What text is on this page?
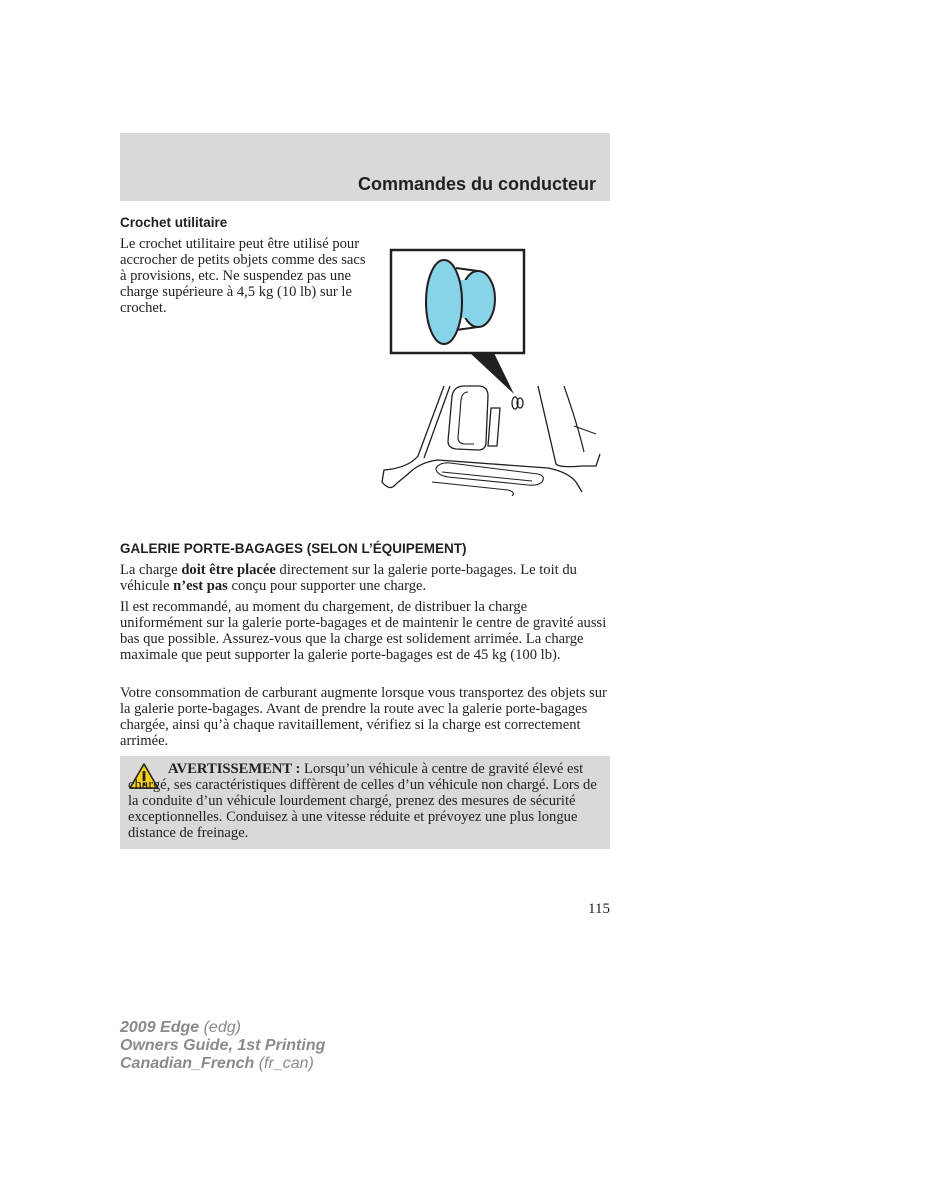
Commandes du conducteur
Crochet utilitaire

Le crochet utilitaire peut être utilisé pour accrocher de petits objets comme des sacs à provisions, etc. Ne suspendez pas une charge supérieure à 4,5 kg (10 lb) sur le crochet.

GALERIE PORTE-BAGAGES (SELON L’ÉQUIPEMENT)

La charge doit être placée directement sur la galerie porte-bagages. Le toit du véhicule n’est pas conçu pour supporter une charge.

Il est recommandé, au moment du chargement, de distribuer la charge uniformément sur la galerie porte-bagages et de maintenir le centre de gravité aussi bas que possible. Assurez-vous que la charge est solidement arrimée. La charge maximale que peut supporter la galerie porte-bagages est de 45 kg (100 lb).

Votre consommation de carburant augmente lorsque vous transportez des objets sur la galerie porte-bagages. Avant de prendre la route avec la galerie porte-bagages chargée, ainsi qu’à chaque ravitaillement, vérifiez si la charge est correctement arrimée.

AVERTISSEMENT : Lorsqu’un véhicule à centre de gravité élevé est chargé, ses caractéristiques diffèrent de celles d’un véhicule non chargé. Lors de la conduite d’un véhicule lourdement chargé, prenez des mesures de sécurité exceptionnelles. Conduisez à une vitesse réduite et prévoyez une plus longue distance de freinage.

115
2009 Edge (edg)
Owners Guide, 1st Printing
Canadian_French (fr_can)
